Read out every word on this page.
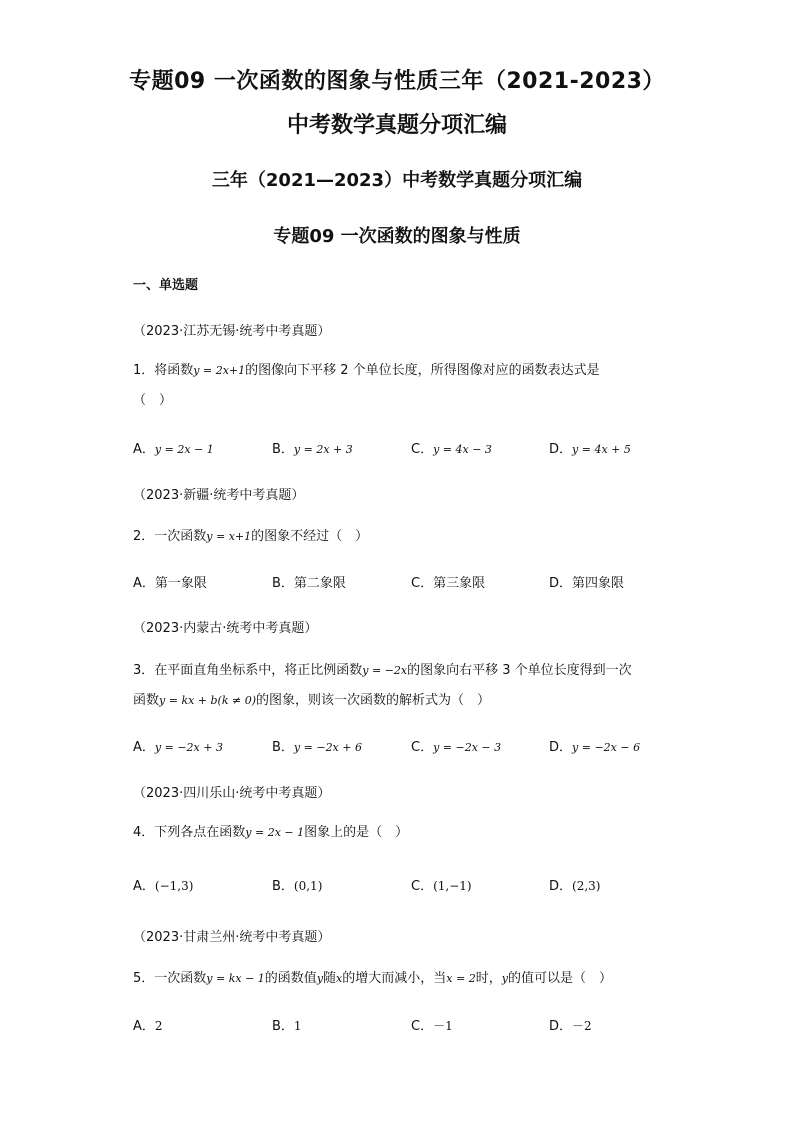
专题09 一次函数的图象与性质三年（2021-2023）
中考数学真题分项汇编
三年（2021—2023）中考数学真题分项汇编
专题09 一次函数的图象与性质
一、单选题
（2023·江苏无锡·统考中考真题）
1．将函数y = 2x+1的图像向下平移 2 个单位长度，所得图像对应的函数表达式是
（　）
A．y = 2x − 1	B．y = 2x + 3	C．y = 4x − 3	D．y = 4x + 5
（2023·新疆·统考中考真题）
2．一次函数y = x+1的图象不经过（　）
A．第一象限	B．第二象限	C．第三象限	D．第四象限
（2023·内蒙古·统考中考真题）
3．在平面直角坐标系中，将正比例函数y = −2x的图象向右平移 3 个单位长度得到一次
函数y = kx + b(k ≠ 0)的图象，则该一次函数的解析式为（　）
A．y = −2x + 3	B．y = −2x + 6	C．y = −2x − 3	D．y = −2x − 6
（2023·四川乐山·统考中考真题）
4．下列各点在函数y = 2x − 1图象上的是（　）
A．(−1,3)	B．(0,1)	C．(1,−1)	D．(2,3)
（2023·甘肃兰州·统考中考真题）
5．一次函数y = kx − 1的函数值y随x的增大而减小，当x = 2时，y的值可以是（　）
A．2	B．1	C．－1	D．－2
